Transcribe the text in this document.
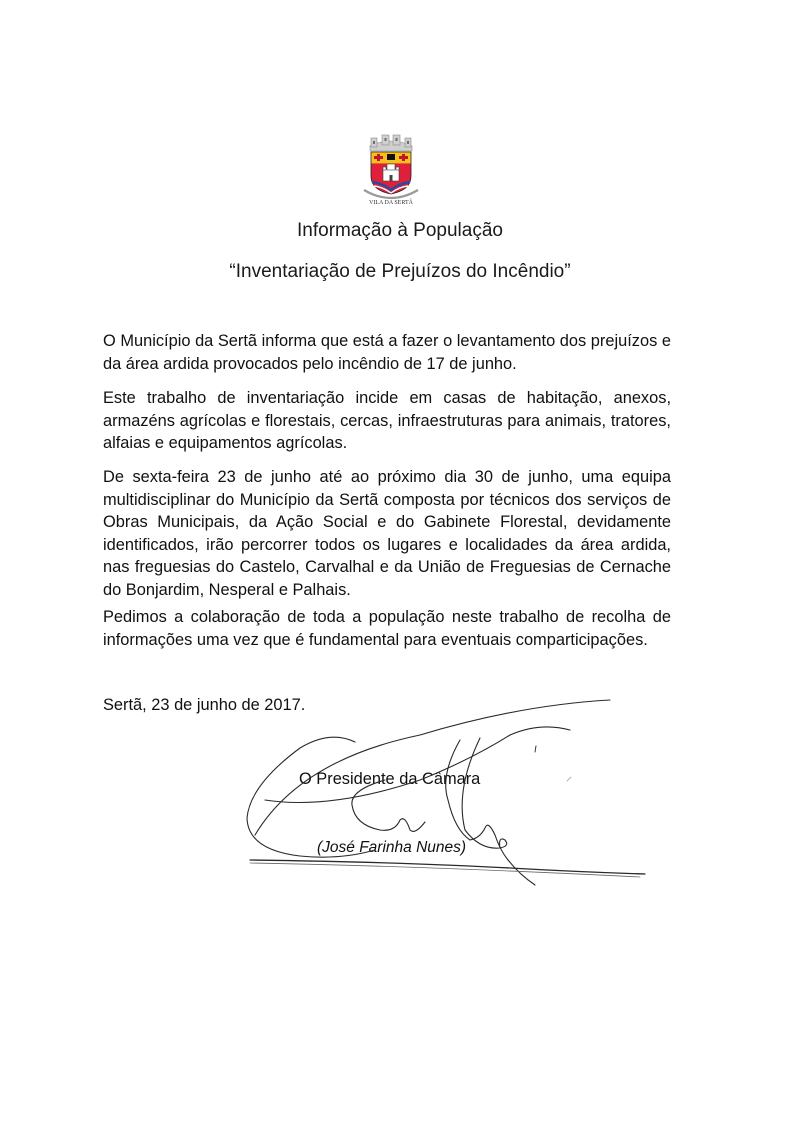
VILA DA SERTÃ
Informação à População
“Inventariação de Prejuízos do Incêndio”

O Município da Sertã informa que está a fazer o levantamento dos prejuízos e da área ardida provocados pelo incêndio de 17 de junho.

Este trabalho de inventariação incide em casas de habitação, anexos, armazéns agrícolas e florestais, cercas, infraestruturas para animais, tratores, alfaias e equipamentos agrícolas.

De sexta-feira 23 de junho até ao próximo dia 30 de junho, uma equipa multidisciplinar do Município da Sertã composta por técnicos dos serviços de Obras Municipais, da Ação Social e do Gabinete Florestal, devidamente identificados, irão percorrer todos os lugares e localidades da área ardida, nas freguesias do Castelo, Carvalhal e da União de Freguesias de Cernache do Bonjardim, Nesperal e Palhais.

Pedimos a colaboração de toda a população neste trabalho de recolha de informações uma vez que é fundamental para eventuais comparticipações.

Sertã, 23 de junho de 2017.
O Presidente da Câmara
(José Farinha Nunes)
